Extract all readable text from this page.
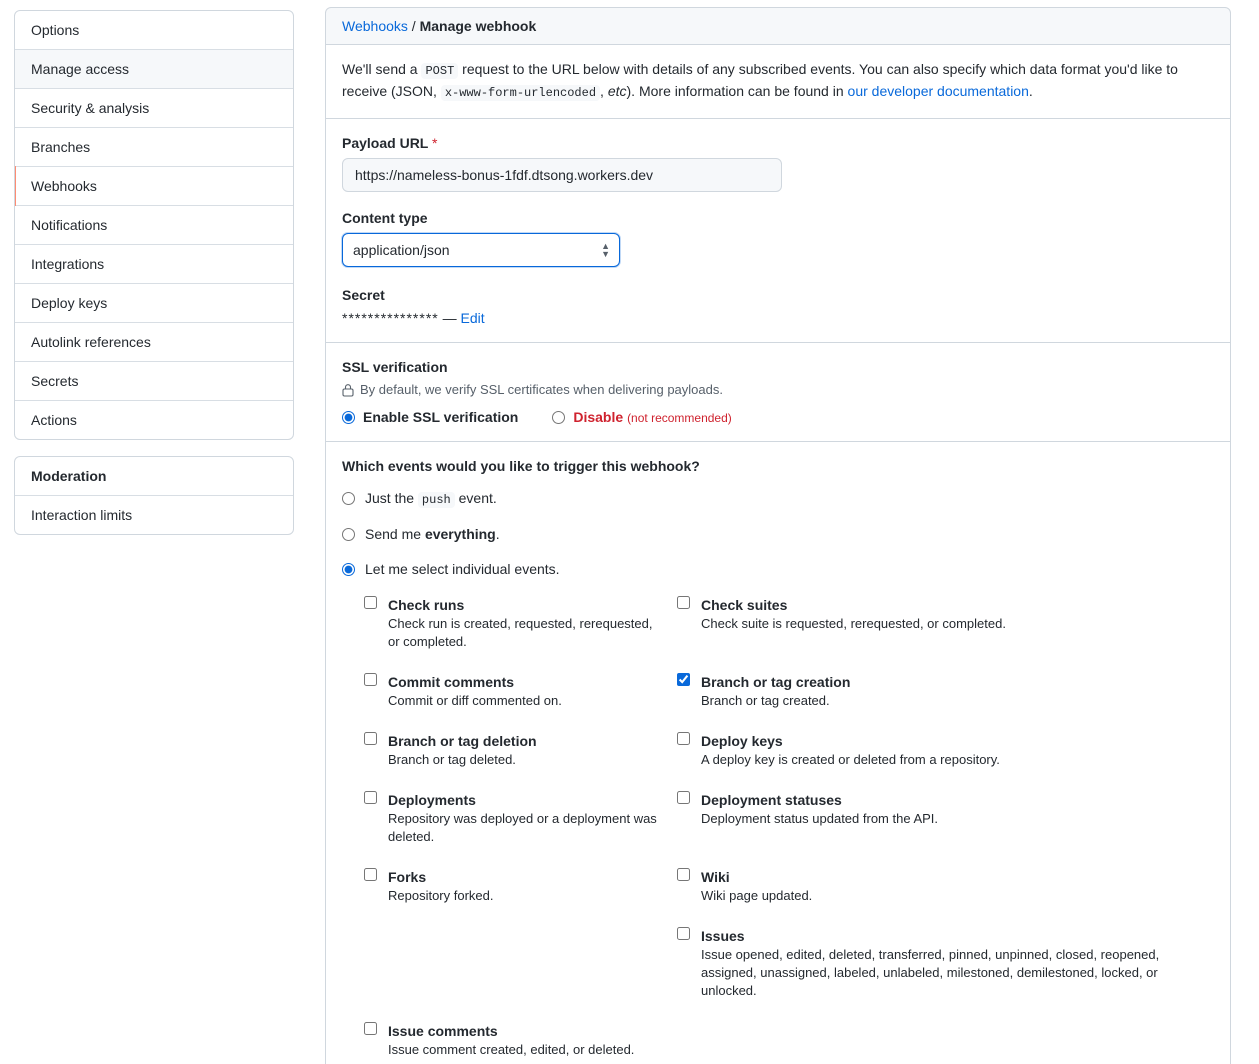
Options
Manage access
Security & analysis
Branches
Webhooks
Notifications
Integrations
Deploy keys
Autolink references
Secrets
Actions
Moderation
Interaction limits
Webhooks / Manage webhook
We'll send a POST request to the URL below with details of any subscribed events. You can also specify which data format you'd like to receive (JSON, x-www-form-urlencoded , etc). More information can be found in our developer documentation.
Payload URL *
https://nameless-bonus-1fdf.dtsong.workers.dev
Content type
application/json
▲
▼
Secret
*************** — Edit
SSL verification
By default, we verify SSL certificates when delivering payloads.
Enable SSL verification	Disable (not recommended)
Which events would you like to trigger this webhook?
Just the push event.
Send me everything.
Let me select individual events.
Check runs
Check run is created, requested, rerequested, or completed.
Check suites
Check suite is requested, rerequested, or completed.
Commit comments
Commit or diff commented on.
Branch or tag creation
Branch or tag created.
Branch or tag deletion
Branch or tag deleted.
Deploy keys
A deploy key is created or deleted from a repository.
Deployments
Repository was deployed or a deployment was deleted.
Deployment statuses
Deployment status updated from the API.
Forks
Repository forked.
Wiki
Wiki page updated.
Issues
Issue opened, edited, deleted, transferred, pinned, unpinned, closed, reopened, assigned, unassigned, labeled, unlabeled, milestoned, demilestoned, locked, or unlocked.
Issue comments
Issue comment created, edited, or deleted.
